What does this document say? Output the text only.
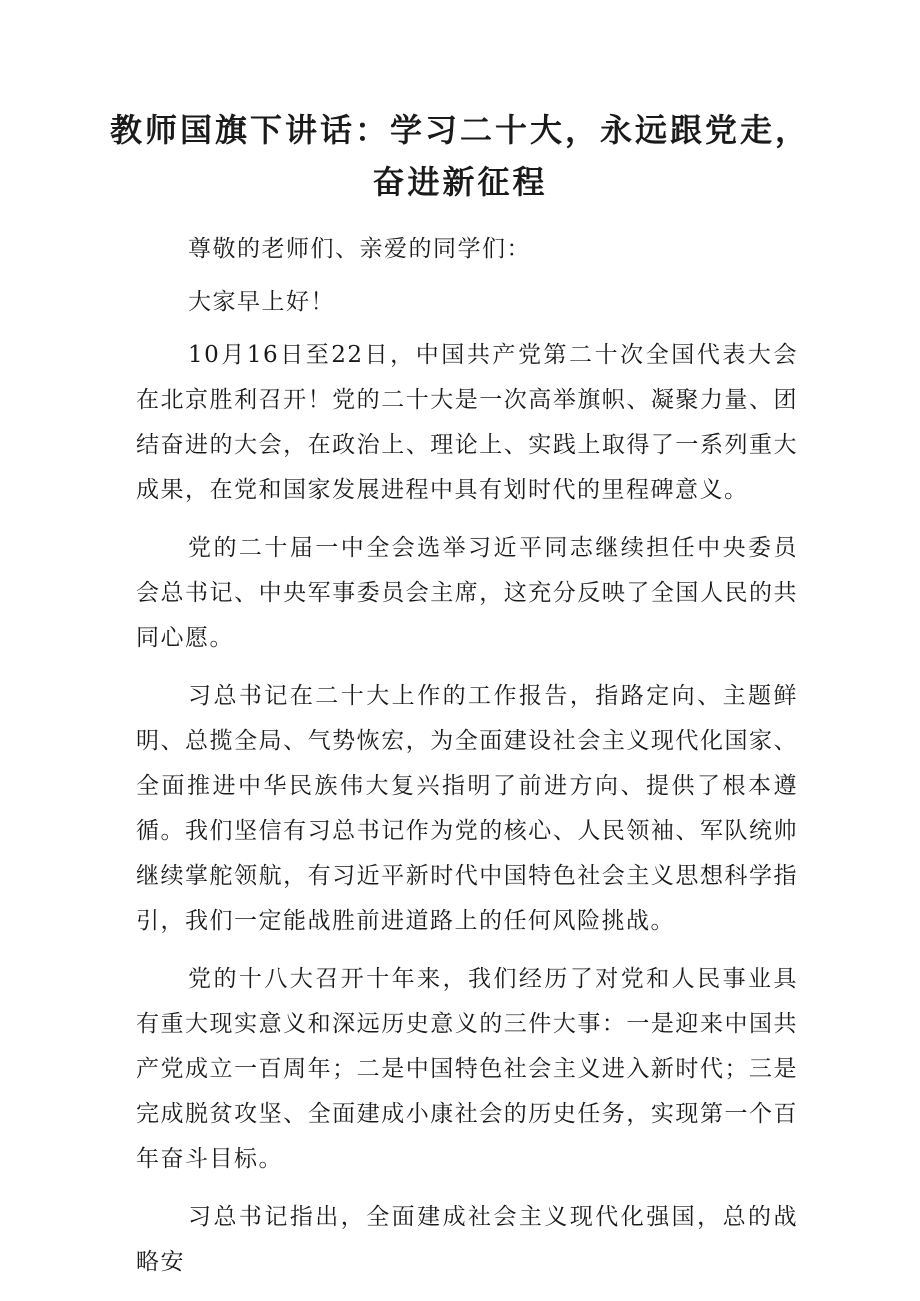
教师国旗下讲话：学习二十大，永远跟党走，
奋进新征程

尊敬的老师们、亲爱的同学们：

大家早上好！

10月16日至22日，中国共产党第二十次全国代表大会在北京胜利召开！党的二十大是一次高举旗帜、凝聚力量、团结奋进的大会，在政治上、理论上、实践上取得了一系列重大成果，在党和国家发展进程中具有划时代的里程碑意义。

党的二十届一中全会选举习近平同志继续担任中央委员会总书记、中央军事委员会主席，这充分反映了全国人民的共同心愿。

习总书记在二十大上作的工作报告，指路定向、主题鲜明、总揽全局、气势恢宏，为全面建设社会主义现代化国家、全面推进中华民族伟大复兴指明了前进方向、提供了根本遵循。我们坚信有习总书记作为党的核心、人民领袖、军队统帅继续掌舵领航，有习近平新时代中国特色社会主义思想科学指引，我们一定能战胜前进道路上的任何风险挑战。

党的十八大召开十年来，我们经历了对党和人民事业具有重大现实意义和深远历史意义的三件大事：一是迎来中国共产党成立一百周年；二是中国特色社会主义进入新时代；三是完成脱贫攻坚、全面建成小康社会的历史任务，实现第一个百年奋斗目标。

习总书记指出，全面建成社会主义现代化强国，总的战略安
